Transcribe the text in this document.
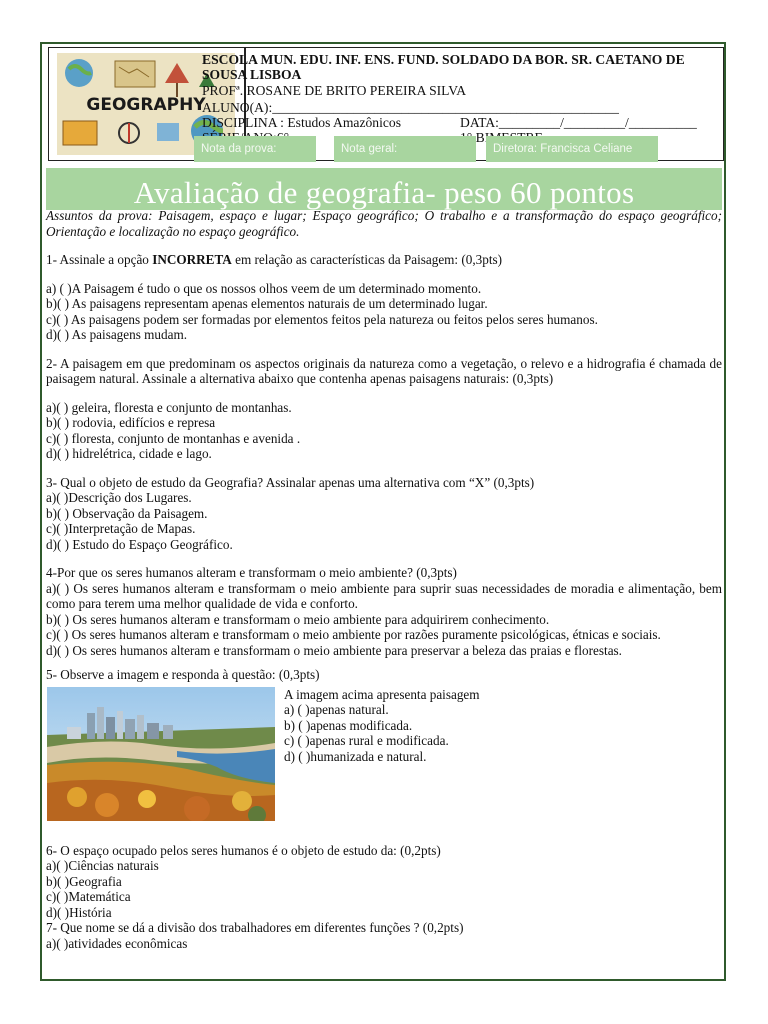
GEOGRAPHY
ESCOLA MUN. EDU. INF. ENS. FUND. SOLDADO DA BOR. SR. CAETANO DE SOUSA LISBOA
PROFª. ROSANE DE BRITO PEREIRA SILVA
ALUNO(A):___________________________________________________
DISCIPLINA : Estudos Amazônicos	DATA:_________/_________/__________
Nota da prova:	Nota geral:	Diretora: Francisca Celiane
Avaliação de geografia- peso 60 pontos

Assuntos da prova: Paisagem, espaço e lugar; Espaço geográfico; O trabalho e a transformação do espaço geográfico; Orientação e localização no espaço geográfico.

1- Assinale a opção INCORRETA em relação as características da Paisagem: (0,3pts)

a) ( )A Paisagem é tudo o que os nossos olhos veem de um determinado momento.

b)( ) As paisagens representam apenas elementos naturais de um determinado lugar.

c)( ) As paisagens podem ser formadas por elementos feitos pela natureza ou feitos pelos seres humanos.

d)( ) As paisagens mudam.

2- A paisagem em que predominam os aspectos originais da natureza como a vegetação, o relevo e a hidrografia é chamada de paisagem natural. Assinale a alternativa abaixo que contenha apenas paisagens naturais: (0,3pts)

a)( ) geleira, floresta e conjunto de montanhas.

b)( ) rodovia, edifícios e represa

c)( ) floresta, conjunto de montanhas e avenida .

d)( ) hidrelétrica, cidade e lago.

3- Qual o objeto de estudo da Geografia? Assinalar apenas uma alternativa com “X” (0,3pts)

a)( )Descrição dos Lugares.

b)( ) Observação da Paisagem.

c)( )Interpretação de Mapas.

d)( ) Estudo do Espaço Geográfico.

4-Por que os seres humanos alteram e transformam o meio ambiente? (0,3pts)

a)( ) Os seres humanos alteram e transformam o meio ambiente para suprir suas necessidades de moradia e alimentação, bem como para terem uma melhor qualidade de vida e conforto.

b)( ) Os seres humanos alteram e transformam o meio ambiente para adquirirem conhecimento.

c)( ) Os seres humanos alteram e transformam o meio ambiente por razões puramente psicológicas, étnicas e sociais.

d)( ) Os seres humanos alteram e transformam o meio ambiente para preservar a beleza das praias e florestas.

5- Observe a imagem e responda à questão: (0,3pts)

A imagem acima apresenta paisagem

a) ( )apenas natural.

b) ( )apenas modificada.

c) ( )apenas rural e modificada.

d) ( )humanizada e natural.

6- O espaço ocupado pelos seres humanos é o objeto de estudo da: (0,2pts)

a)( )Ciências naturais

b)( )Geografia

c)( )Matemática

d)( )História

7- Que nome se dá a divisão dos trabalhadores em diferentes funções ? (0,2pts)

a)( )atividades econômicas
